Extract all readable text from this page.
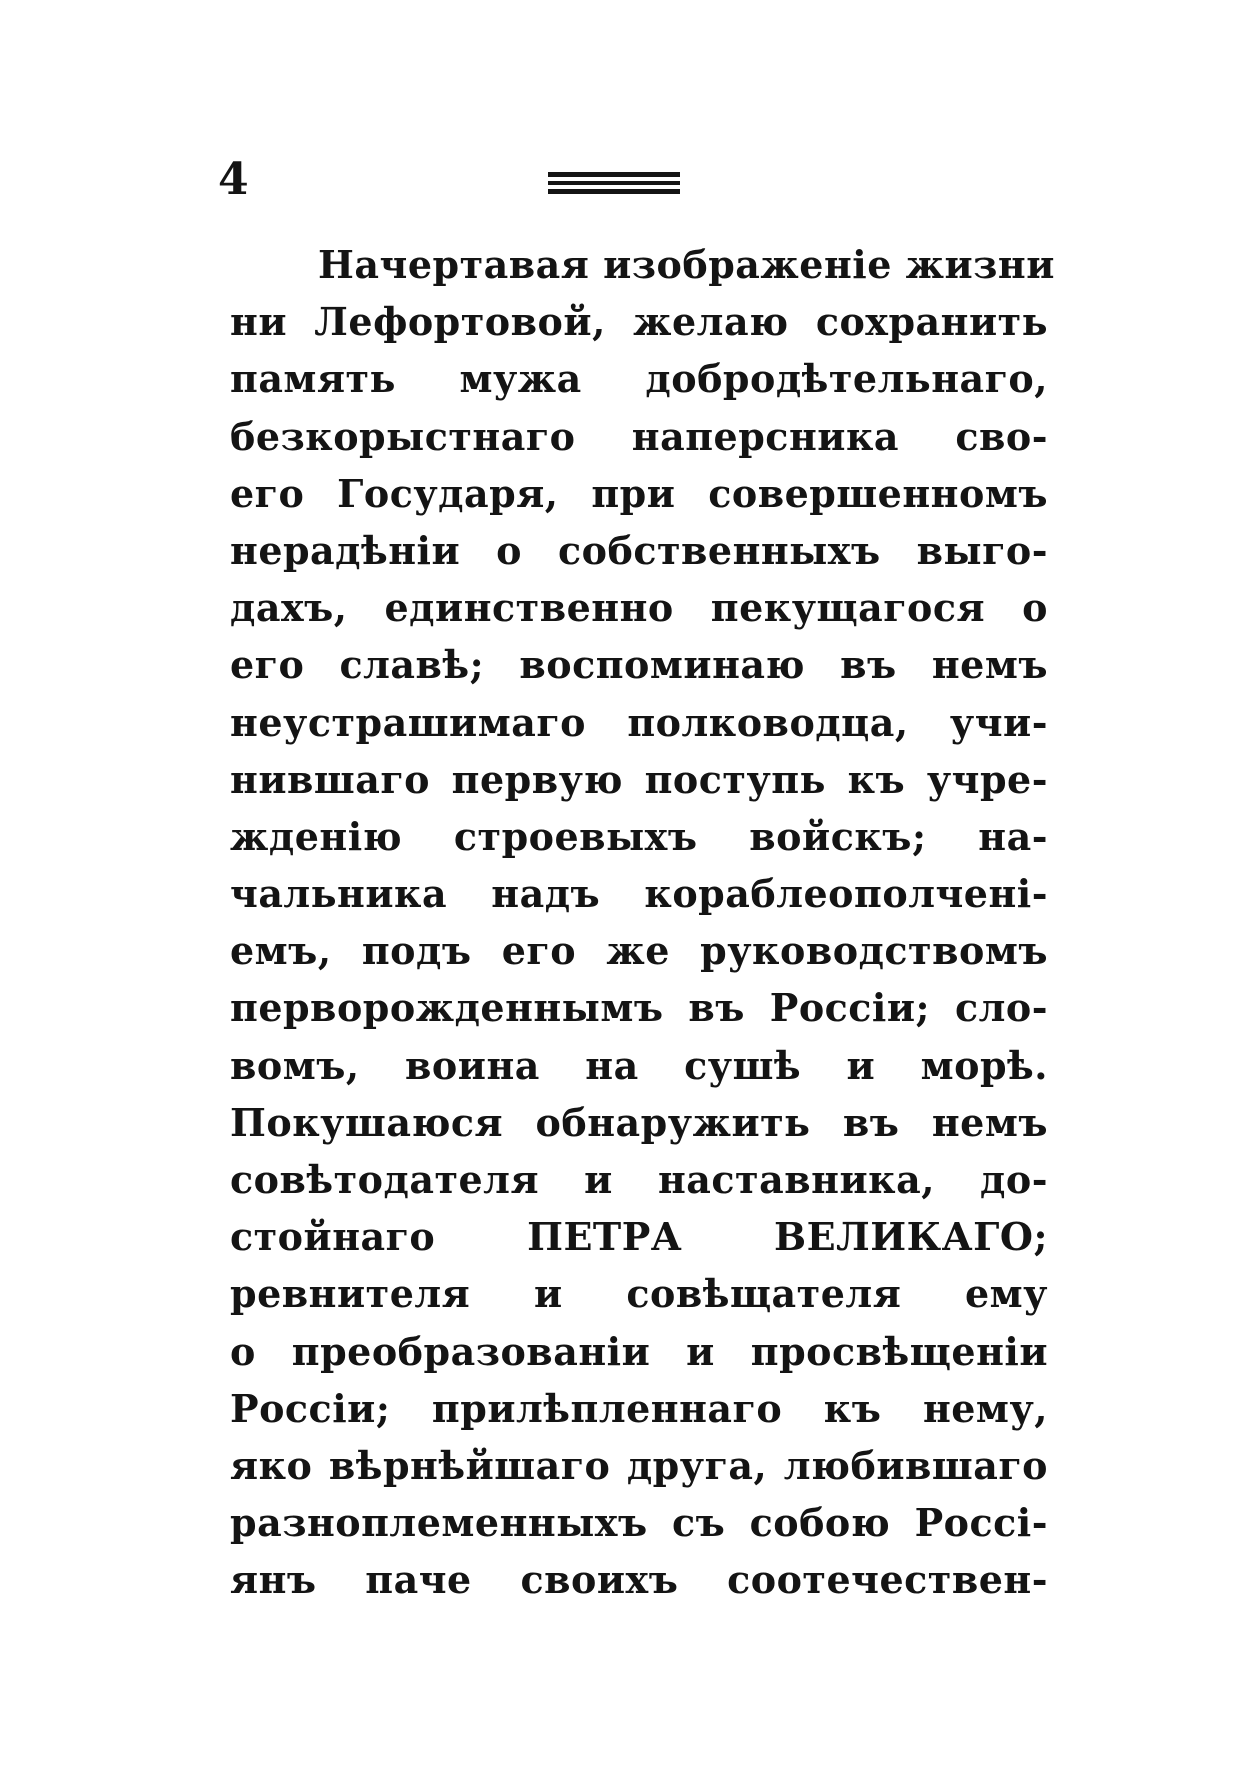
4
Начертавая изображенie жизни
ни Лефортовой, желаю сохранить
память мужа добродѣтельнаго,
безкорыстнаго наперсника сво-
его Государя, при совершенномъ
нерадѣнiи о собственныхъ выго-
дахъ, единственно пекущагося о
его славѣ; воспоминаю въ немъ
неустрашимаго полководца, учи-
нившаго первую поступь къ учре-
жденiю строевыхъ войскъ; на-
чальника надъ кораблеополченi-
емъ, подъ его же руководствомъ
перворожденнымъ въ Россiи; сло-
вомъ, воина на сушѣ и морѣ.
Покушаюся обнаружить въ немъ
совѣтодателя и наставника, до-
стойнаго ПЕТРА ВЕЛИКАГО;
ревнителя и совѣщателя ему
о преобразованiи и просвѣщенiи
Россiи; прилѣпленнаго къ нему,
яко вѣрнѣйшаго друга, любившаго
разноплеменныхъ съ собою Россi-
янъ паче своихъ соотечествен-
